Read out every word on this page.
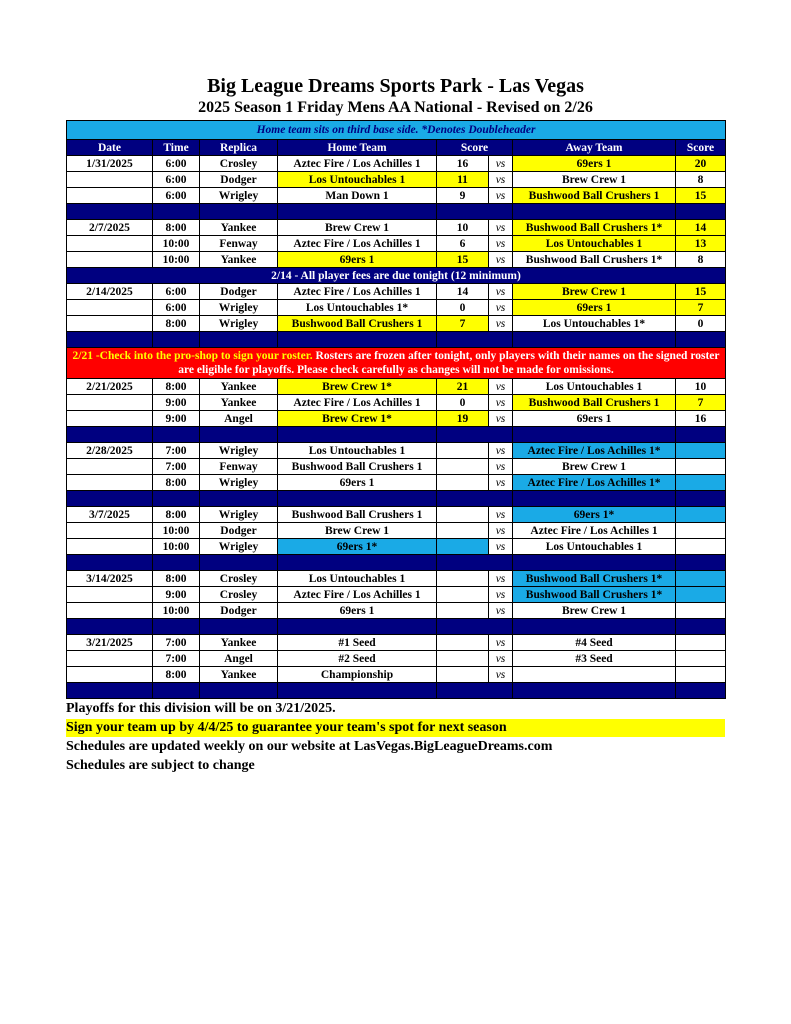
Big League Dreams Sports Park - Las Vegas
2025 Season 1 Friday Mens AA National - Revised on 2/26
Home team sits on third base side. *Denotes Doubleheader							
Date	Time	Replica	Home Team	Score		Away Team	Score
1/31/2025	6:00	Crosley	Aztec Fire / Los Achilles 1	16	vs	69ers 1	20
	6:00	Dodger	Los Untouchables 1	11	vs	Brew Crew 1	8
	6:00	Wrigley	Man Down 1	9	vs	Bushwood Ball Crushers 1	15

2/7/2025	8:00	Yankee	Brew Crew 1	10	vs	Bushwood Ball Crushers 1*	14
	10:00	Fenway	Aztec Fire / Los Achilles 1	6	vs	Los Untouchables 1	13
	10:00	Yankee	69ers 1	15	vs	Bushwood Ball Crushers 1*	8
2/14 - All player fees are due tonight (12 minimum)							
2/14/2025	6:00	Dodger	Aztec Fire / Los Achilles 1	14	vs	Brew Crew 1	15
	6:00	Wrigley	Los Untouchables 1*	0	vs	69ers 1	7
	8:00	Wrigley	Bushwood Ball Crushers 1	7	vs	Los Untouchables 1*	0

2/21 -Check into the pro-shop to sign your roster. Rosters are frozen after tonight, only players with their names on the signed roster are eligible for playoffs. Please check carefully as changes will not be made for omissions.							
2/21/2025	8:00	Yankee	Brew Crew 1*	21	vs	Los Untouchables 1	10
	9:00	Yankee	Aztec Fire / Los Achilles 1	0	vs	Bushwood Ball Crushers 1	7
	9:00	Angel	Brew Crew 1*	19	vs	69ers 1	16

2/28/2025	7:00	Wrigley	Los Untouchables 1		vs	Aztec Fire / Los Achilles 1*	
	7:00	Fenway	Bushwood Ball Crushers 1		vs	Brew Crew 1	
	8:00	Wrigley	69ers 1		vs	Aztec Fire / Los Achilles 1*	

3/7/2025	8:00	Wrigley	Bushwood Ball Crushers 1		vs	69ers 1*	
	10:00	Dodger	Brew Crew 1		vs	Aztec Fire / Los Achilles 1	
	10:00	Wrigley	69ers 1*		vs	Los Untouchables 1	

3/14/2025	8:00	Crosley	Los Untouchables 1		vs	Bushwood Ball Crushers 1*	
	9:00	Crosley	Aztec Fire / Los Achilles 1		vs	Bushwood Ball Crushers 1*	
	10:00	Dodger	69ers 1		vs	Brew Crew 1	

3/21/2025	7:00	Yankee	#1 Seed		vs	#4 Seed	
	7:00	Angel	#2 Seed		vs	#3 Seed	
	8:00	Yankee	Championship		vs		

Playoffs for this division will be on 3/21/2025.
Sign your team up by 4/4/25 to guarantee your team's spot for next season
Schedules are updated weekly on our website at LasVegas.BigLeagueDreams.com
Schedules are subject to change
